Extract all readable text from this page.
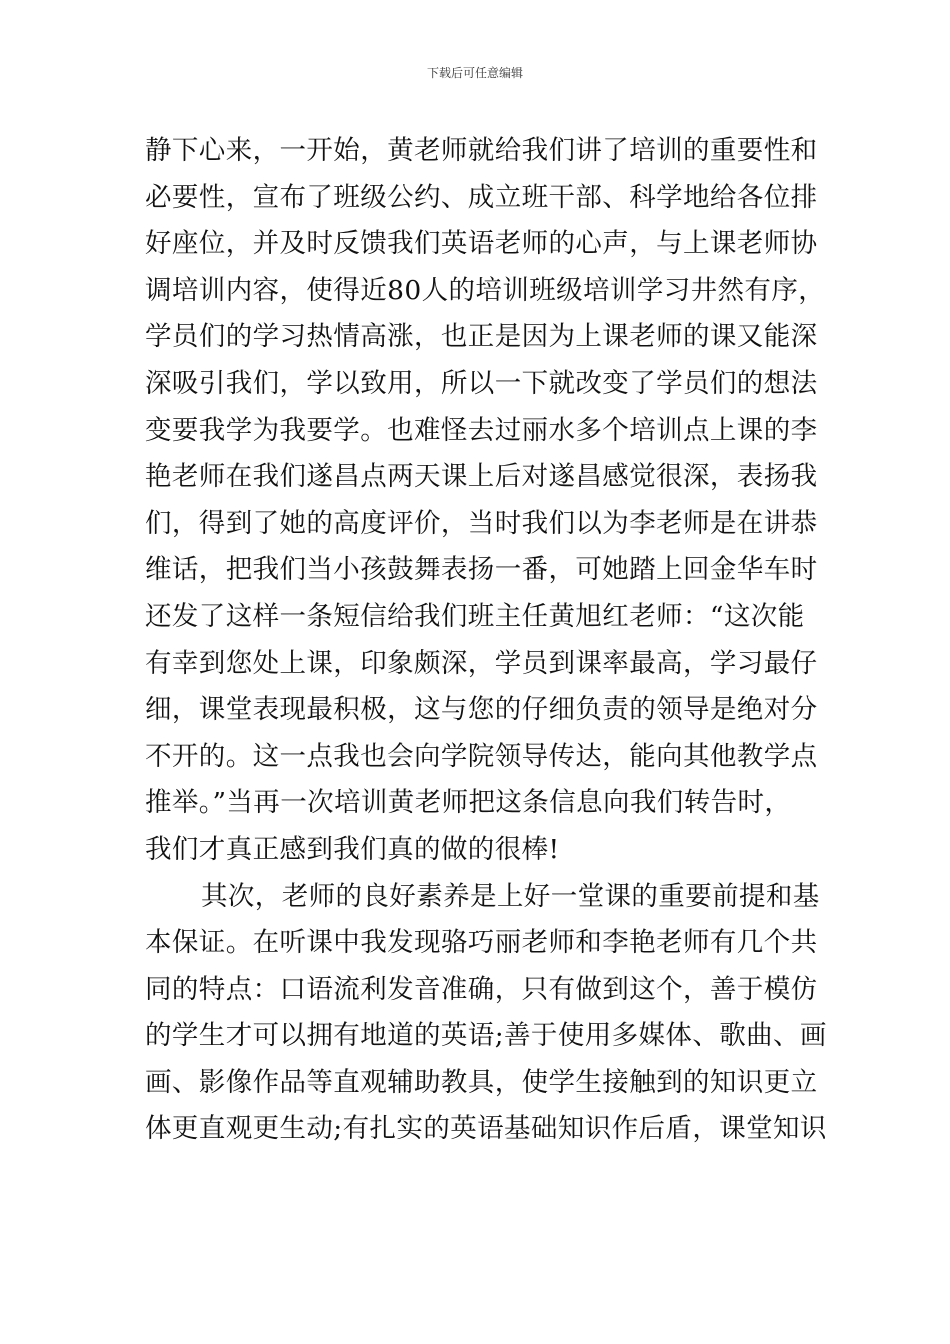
下载后可任意编辑
静下心来，一开始，黄老师就给我们讲了培训的重要性和
必要性，宣布了班级公约、成立班干部、科学地给各位排
好座位，并及时反馈我们英语老师的心声，与上课老师协
调培训内容，使得近80人的培训班级培训学习井然有序，
学员们的学习热情高涨，也正是因为上课老师的课又能深
深吸引我们，学以致用，所以一下就改变了学员们的想法
变要我学为我要学。也难怪去过丽水多个培训点上课的李
艳老师在我们遂昌点两天课上后对遂昌感觉很深，表扬我
们，得到了她的高度评价，当时我们以为李老师是在讲恭
维话，把我们当小孩鼓舞表扬一番，可她踏上回金华车时
还发了这样一条短信给我们班主任黄旭红老师：“这次能
有幸到您处上课，印象颇深，学员到课率最高，学习最仔
细，课堂表现最积极，这与您的仔细负责的领导是绝对分
不开的。这一点我也会向学院领导传达，能向其他教学点
推举。”当再一次培训黄老师把这条信息向我们转告时，
我们才真正感到我们真的做的很棒!
其次，老师的良好素养是上好一堂课的重要前提和基
本保证。在听课中我发现骆巧丽老师和李艳老师有几个共
同的特点：口语流利发音准确，只有做到这个，善于模仿
的学生才可以拥有地道的英语;善于使用多媒体、歌曲、画
画、影像作品等直观辅助教具，使学生接触到的知识更立
体更直观更生动;有扎实的英语基础知识作后盾，课堂知识
